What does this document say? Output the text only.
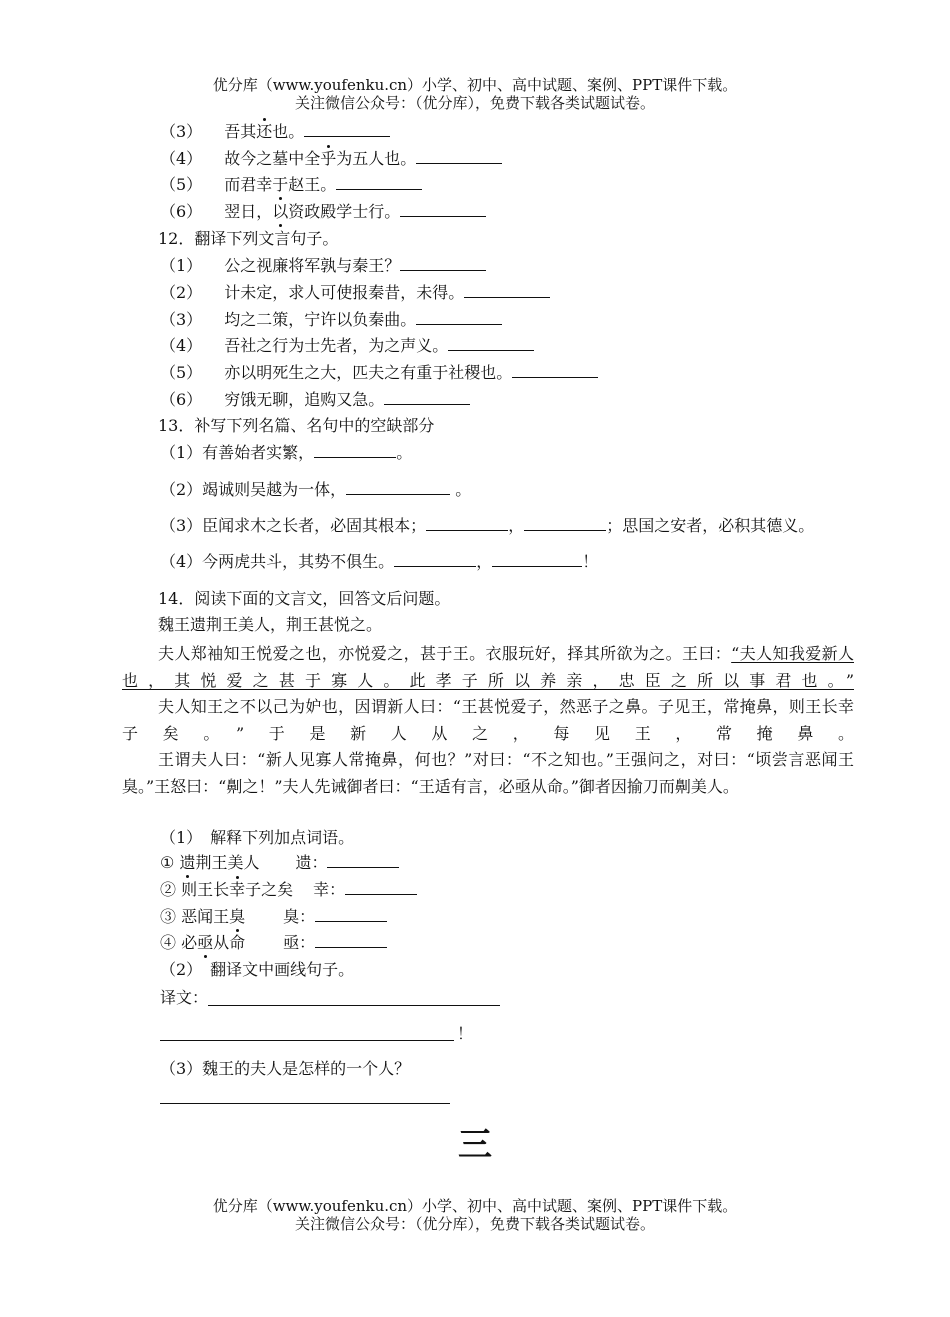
优分库（www.youfenku.cn）小学、初中、高中试题、案例、PPT课件下载。
关注微信公众号：（优分库），免费下载各类试题试卷。
（3） 吾其还也。
（4） 故今之墓中全乎为五人也。
（5） 而君幸于赵王。
（6） 翌日，以资政殿学士行。
12．翻译下列文言句子。
（1） 公之视廉将军孰与秦王？
（2） 计未定，求人可使报秦昔，未得。
（3） 均之二策，宁许以负秦曲。
（4） 吾社之行为士先者，为之声义。
（5） 亦以明死生之大，匹夫之有重于社稷也。
（6） 穷饿无聊，追购又急。
13．补写下列名篇、名句中的空缺部分
（1）有善始者实繁，	。
（2）竭诚则吴越为一体，	。
（3）臣闻求木之长者，必固其根本；	，	；思国之安者，必积其德义。
（4）今两虎共斗，其势不俱生。	，	！
14．阅读下面的文言文，回答文后问题。
魏王遗荆王美人，荆王甚悦之。
夫人郑袖知王悦爱之也，亦悦爱之，甚于王。衣服玩好，择其所欲为之。王曰：“夫人知我爱新人也，其悦爱之甚于寡人。此孝子所以养亲，忠臣之所以事君也。”
夫人知王之不以己为妒也，因谓新人曰：“王甚悦爱子，然恶子之鼻。子见王，常掩鼻，则王长幸子矣。”于是新人从之，每见王，常掩鼻。
王谓夫人曰：“新人见寡人常掩鼻，何也？”对曰：“不之知也。”王强问之，对曰：“顷尝言恶闻王臭。”王怒曰：“劓之！”夫人先诫御者曰：“王适有言，必亟从命。”御者因揄刀而劓美人。
（1）　解释下列加点词语。
① 遗荆王美人 遗：
② 则王长幸子之矣 幸：
③ 恶闻王臭 臭：
④ 必亟从命 亟：
（2）　翻译文中画线句子。
译文：
！
（3）魏王的夫人是怎样的一个人？
三
优分库（www.youfenku.cn）小学、初中、高中试题、案例、PPT课件下载。
关注微信公众号：（优分库），免费下载各类试题试卷。
